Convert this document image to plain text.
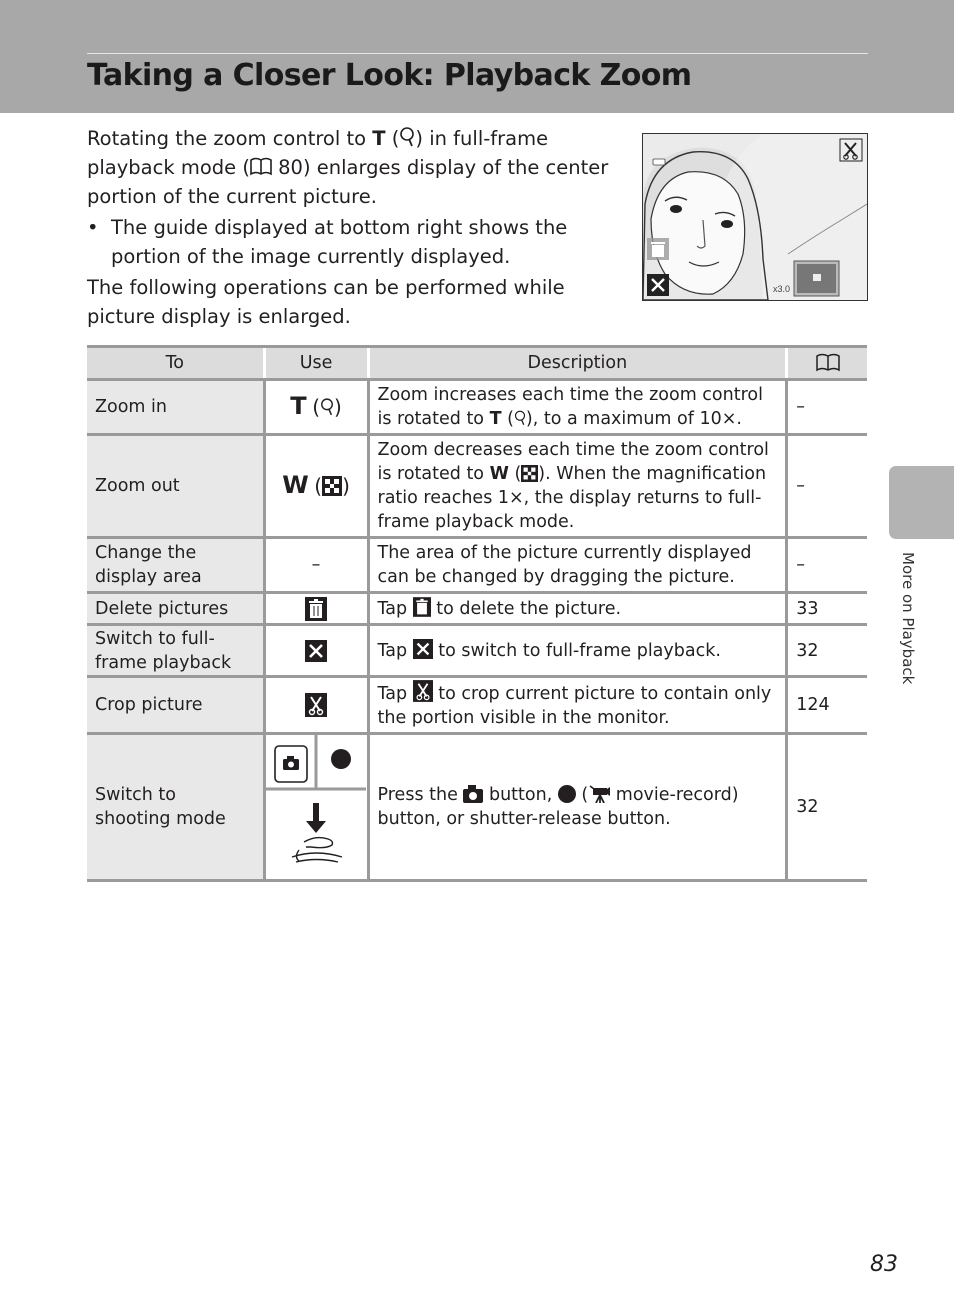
Taking a Closer Look: Playback Zoom

Rotating the zoom control to T ( ) in full-frame playback mode ( 80) enlarges display of the center portion of the current picture.

• The guide displayed at bottom right shows the portion of the image currently displayed.

The following operations can be performed while picture display is enlarged.

x3.0
To	Use	Description	
Zoom in	T ( )	Zoom increases each time the zoom control is rotated to T ( ), to a maximum of 10×.	–
Zoom out	W ( )	Zoom decreases each time the zoom control is rotated to W ( ). When the magnification ratio reaches 1×, the display returns to full-frame playback mode.	–
Change the display area	–	The area of the picture currently displayed can be changed by dragging the picture.	–
Delete pictures		Tap  to delete the picture.	33
Switch to full-frame playback		Tap  to switch to full-frame playback.	32
Crop picture		Tap  to crop current picture to contain only the portion visible in the monitor.	124
Switch to shooting mode		Press the  button,  ( movie-record) button, or shutter-release button.	32
More on Playback
83
